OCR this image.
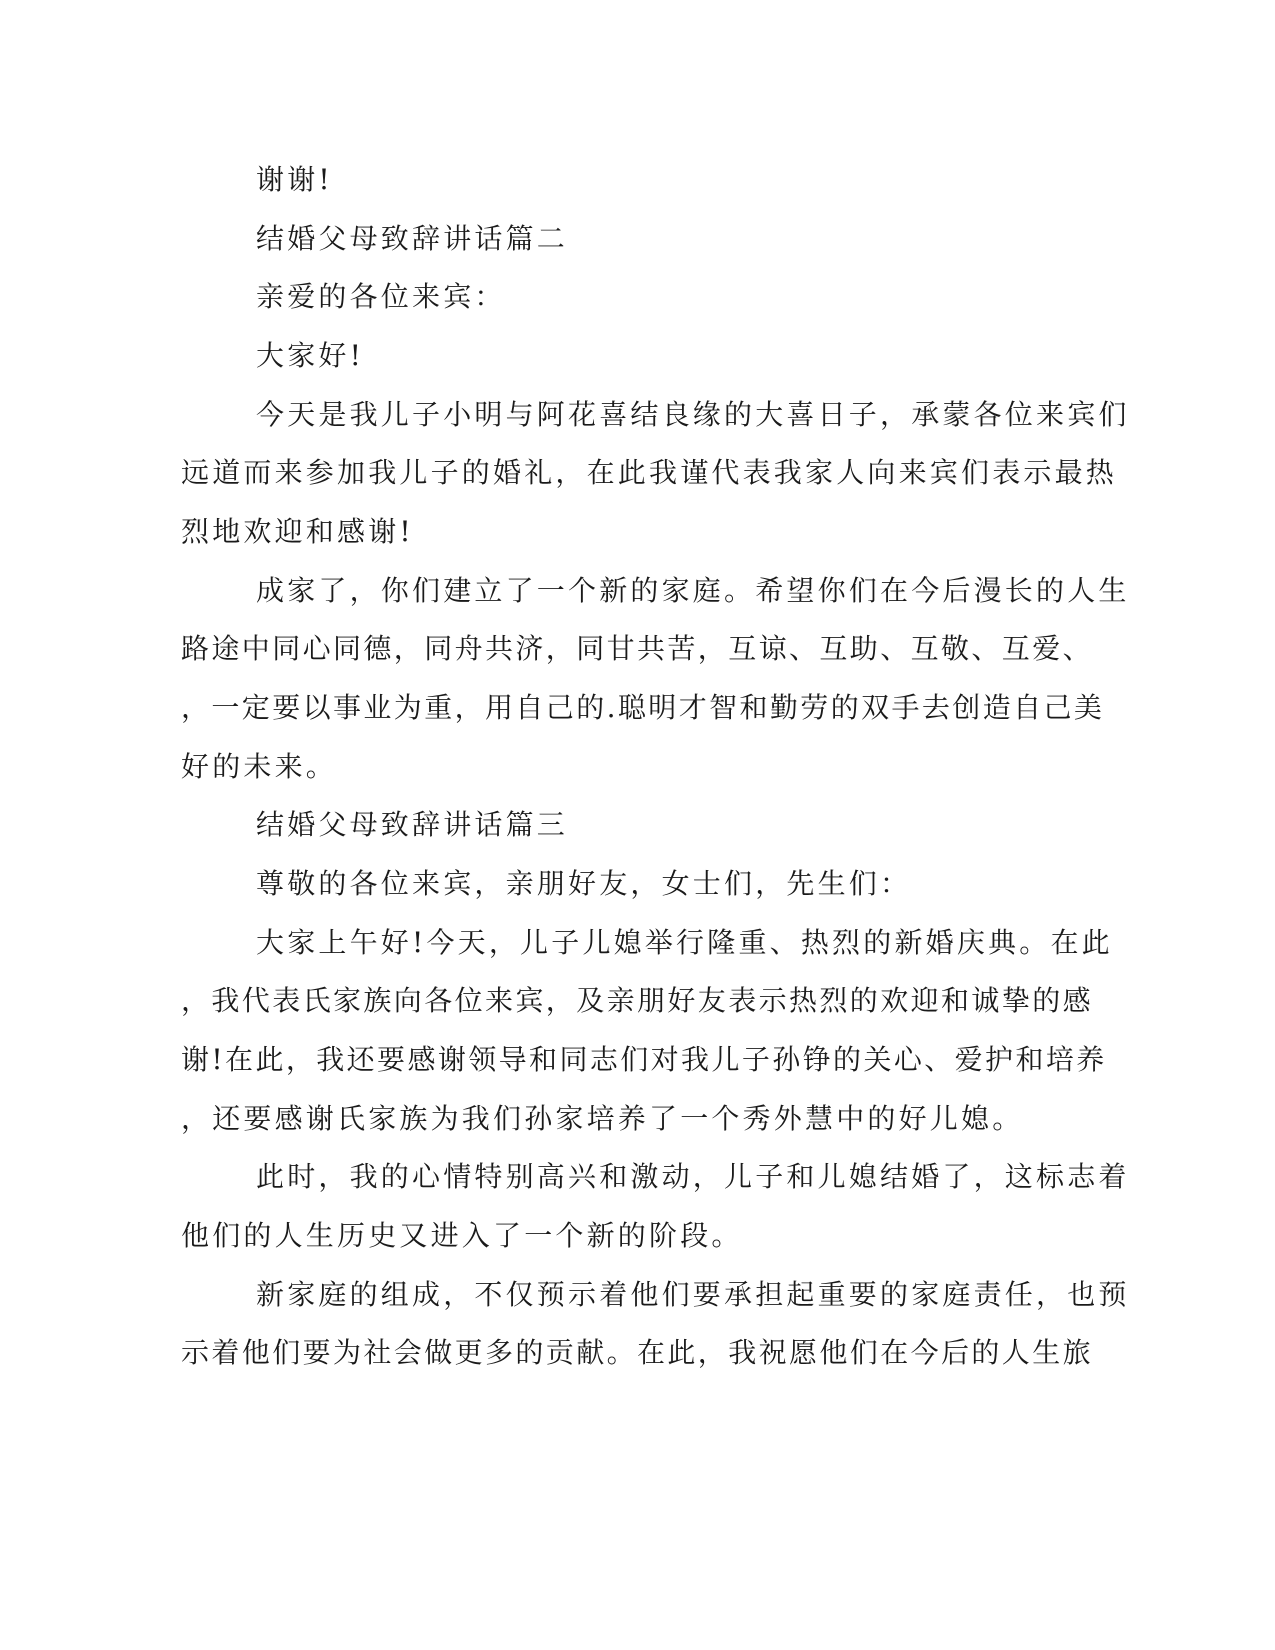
谢谢!

结婚父母致辞讲话篇二

亲爱的各位来宾：

大家好!

今天是我儿子小明与阿花喜结良缘的大喜日子，承蒙各位来宾们

远道而来参加我儿子的婚礼，在此我谨代表我家人向来宾们表示最热

烈地欢迎和感谢!

成家了，你们建立了一个新的家庭。希望你们在今后漫长的人生

路途中同心同德，同舟共济，同甘共苦，互谅、互助、互敬、互爱、

，一定要以事业为重，用自己的.聪明才智和勤劳的双手去创造自己美

好的未来。

结婚父母致辞讲话篇三

尊敬的各位来宾，亲朋好友，女士们，先生们：

大家上午好!今天，儿子儿媳举行隆重、热烈的新婚庆典。在此

，我代表氏家族向各位来宾，及亲朋好友表示热烈的欢迎和诚挚的感

谢!在此，我还要感谢领导和同志们对我儿子孙铮的关心、爱护和培养

，还要感谢氏家族为我们孙家培养了一个秀外慧中的好儿媳。

此时，我的心情特别高兴和激动，儿子和儿媳结婚了，这标志着

他们的人生历史又进入了一个新的阶段。

新家庭的组成，不仅预示着他们要承担起重要的家庭责任，也预

示着他们要为社会做更多的贡献。在此，我祝愿他们在今后的人生旅
